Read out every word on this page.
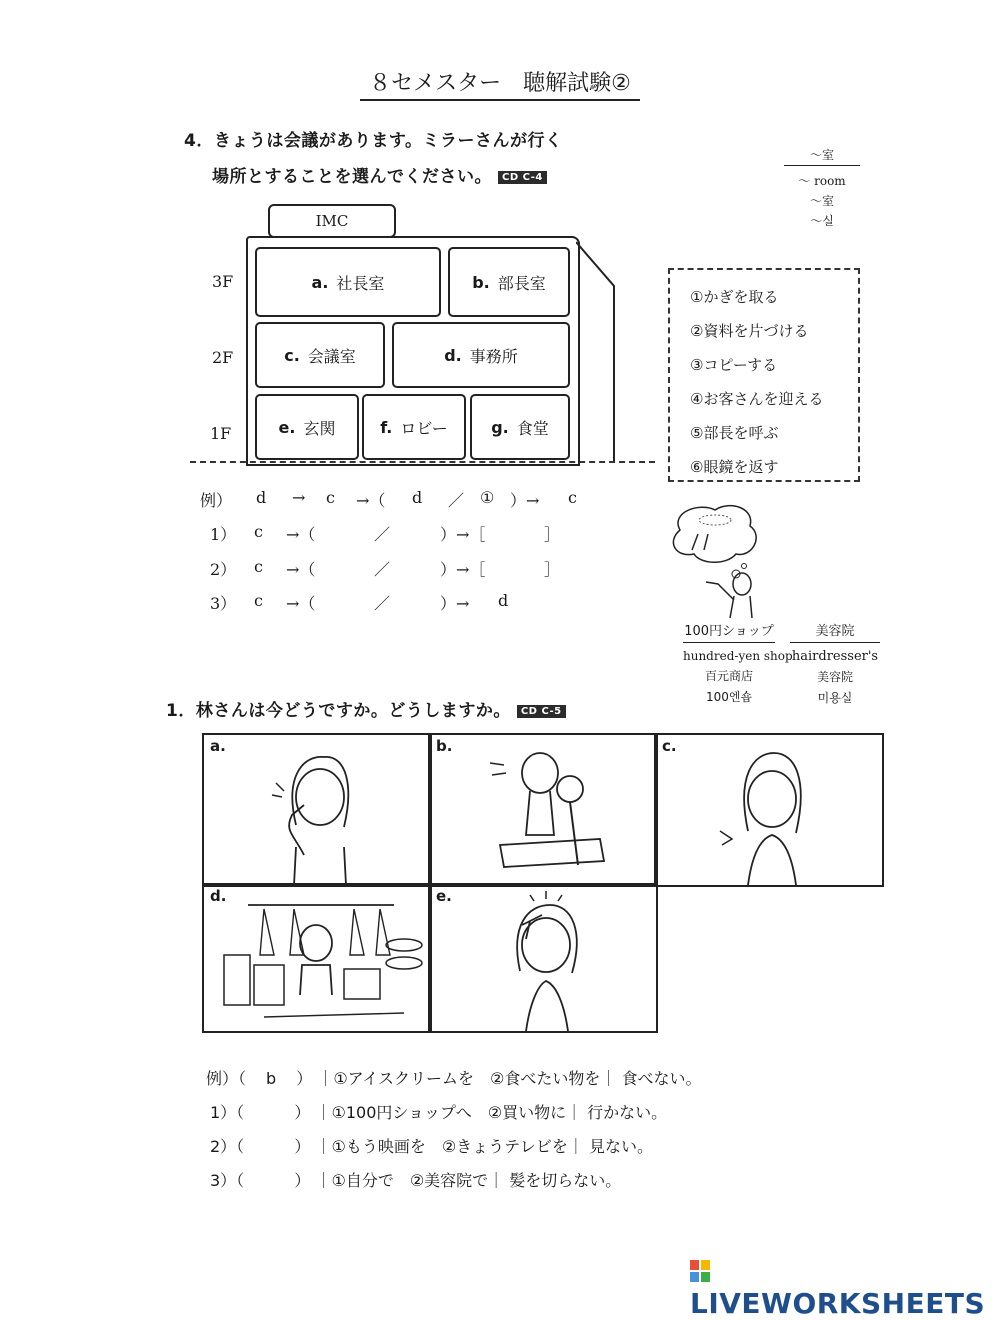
８セメスター　聴解試験②
4．きょうは会議があります。ミラーさんが行く
場所とすることを選んでください。 CD C-4
～室
～ room
～室
～실
IMC
3F
2F
1F
a. 社長室	b. 部長室
c. 会議室	d. 事務所
e. 玄関	f. ロビー	g. 食堂
①かぎを取る
②資料を片づける
③コピーする
④お客さんを迎える
⑤部長を呼ぶ
⑥眼鏡を返す
例） d → c →（ d ／ ① ）→ c
1） c →（	／	）→［	］
2） c →（	／	）→［	］
3） c →（	／	）→ d
100円ショップ
hundred-yen shop
百元商店
100엔숍
美容院
hairdresser's
美容院
미용실
1．林さんは今どうですか。どうしますか。 CD C-5
a.	b.	c.
d.	e.
例）（ b ） ｜①アイスクリームを　②食べたい物を｜ 食べない。
1）（	） ｜①100円ショップへ　②買い物に｜ 行かない。
2）（	） ｜①もう映画を　②きょうテレビを｜ 見ない。
3）（	） ｜①自分で　②美容院で｜ 髪を切らない。
LIVEWORKSHEETS
